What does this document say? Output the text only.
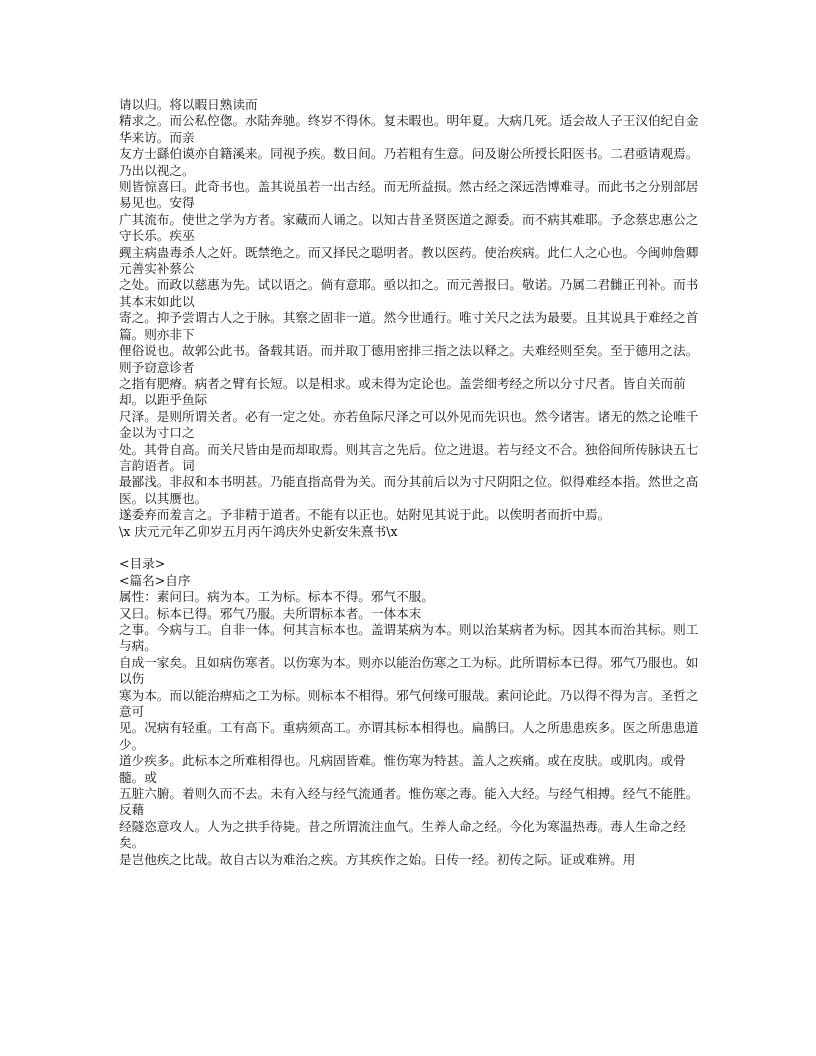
请以归。将以暇日熟读而

精求之。而公私倥偬。水陆奔驰。终岁不得休。复未暇也。明年夏。大病几死。适会故人子王汉伯纪自金华来访。而亲

友方士繇伯谟亦自籍溪来。同视予疾。数日间。乃若粗有生意。问及谢公所授长阳医书。二君亟请观焉。乃出以视之。

则皆惊喜曰。此奇书也。盖其说虽若一出古经。而无所益损。然古经之深远浩博难寻。而此书之分别部居易见也。安得

广其流布。使世之学为方者。家藏而人诵之。以知古昔圣贤医道之源委。而不病其难耶。予念蔡忠惠公之守长乐。疾巫

觋主病蛊毒杀人之奸。既禁绝之。而又择民之聪明者。教以医药。使治疾病。此仁人之心也。今闽帅詹卿元善实补蔡公

之处。而政以慈惠为先。试以语之。倘有意耶。亟以扣之。而元善报曰。敬诺。乃属二君雠正刊补。而书其本末如此以

寄之。抑予尝谓古人之于脉。其察之固非一道。然今世通行。唯寸关尺之法为最要。且其说具于难经之首篇。则亦非下

俚俗说也。故郭公此书。备载其语。而并取丁德用密排三指之法以释之。夫难经则至矣。至于德用之法。则予窃意诊者

之指有肥瘠。病者之臂有长短。以是相求。或未得为定论也。盖尝细考经之所以分寸尺者。皆自关而前却。以距乎鱼际

尺泽。是则所谓关者。必有一定之处。亦若鱼际尺泽之可以外见而先识也。然今诸害。诸无的然之论唯千金以为寸口之

处。其骨自高。而关尺皆由是而却取焉。则其言之先后。位之进退。若与经文不合。独俗间所传脉诀五七言韵语者。词

最鄙浅。非叔和本书明甚。乃能直指高骨为关。而分其前后以为寸尺阴阳之位。似得难经本指。然世之高医。以其赝也。

遂委弃而羞言之。予非精于道者。不能有以正也。姑附见其说于此。以俟明者而折中焉。

\x 庆元元年乙卯岁五月丙午鸿庆外史新安朱熹书\x

<目录>

<篇名>自序

属性：素问曰。病为本。工为标。标本不得。邪气不服。

又曰。标本已得。邪气乃服。夫所谓标本者。一体本末

之事。今病与工。自非一体。何其言标本也。盖谓某病为本。则以治某病者为标。因其本而治其标。则工与病。

自成一家矣。且如病伤寒者。以伤寒为本。则亦以能治伤寒之工为标。此所谓标本已得。邪气乃服也。如以伤

寒为本。而以能治痹疝之工为标。则标本不相得。邪气何缘可服哉。素问论此。乃以得不得为言。圣哲之意可

见。况病有轻重。工有高下。重病须高工。亦谓其标本相得也。扁鹊曰。人之所患患疾多。医之所患患道少。

道少疾多。此标本之所难相得也。凡病固皆难。惟伤寒为特甚。盖人之疾痛。或在皮肤。或肌肉。或骨髓。或

五脏六腑。着则久而不去。未有入经与经气流通者。惟伤寒之毒。能入大经。与经气相搏。经气不能胜。反藉

经隧恣意攻人。人为之拱手待毙。昔之所谓流注血气。生养人命之经。今化为寒温热毒。毒人生命之经矣。

是岂他疾之比哉。故自古以为难治之疾。方其疾作之始。日传一经。初传之际。证或难辨。用
